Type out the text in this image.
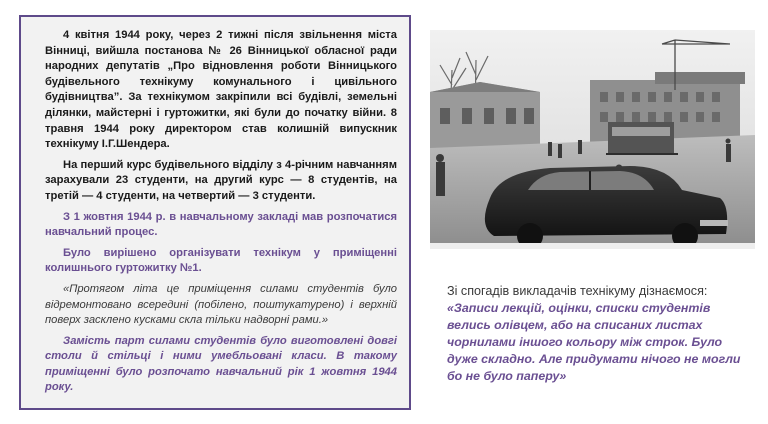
4 квітня 1944 року, через 2 тижні після звільнення міста Вінниці, вийшла постанова № 26 Вінницької обласної ради народних депутатів „Про відновлення роботи Вінницького будівельного технікуму комунального і цивільного будівництва”. За технікумом закріпили всі будівлі, земельні ділянки, майстерні і гуртожитки, які були до початку війни. 8 травня 1944 року директором став колишній випускник технікуму І.Г.Шендера.

На перший курс будівельного відділу з 4-річним навчанням зарахували 23 студенти, на другий курс — 8 студентів, на третій — 4 студенти, на четвертий — 3 студенти.

З 1 жовтня 1944 р. в навчальному закладі мав розпочатися навчальний процес.

Було вирішено організувати технікум у приміщенні колишнього гуртожитку №1.

«Протягом літа це приміщення силами студентів було відремонтовано всередині (побілено, поштукатурено) і верхній поверх засклено кусками скла тільки надворні рами.»

Замість парт силами студентів було виготовлені довгі столи й стільці і ними умебльовані класи. В такому приміщенні було розпочато навчальний рік 1 жовтня 1944 року.

Зі спогадів викладачів технікуму дізнаємося:

«Записи лекцій, оцінки, списки студентів велись олівцем, або на списаних листах чорнилами іншого кольору між строк. Було дуже складно. Але придумати нічого не могли бо не було паперу»
